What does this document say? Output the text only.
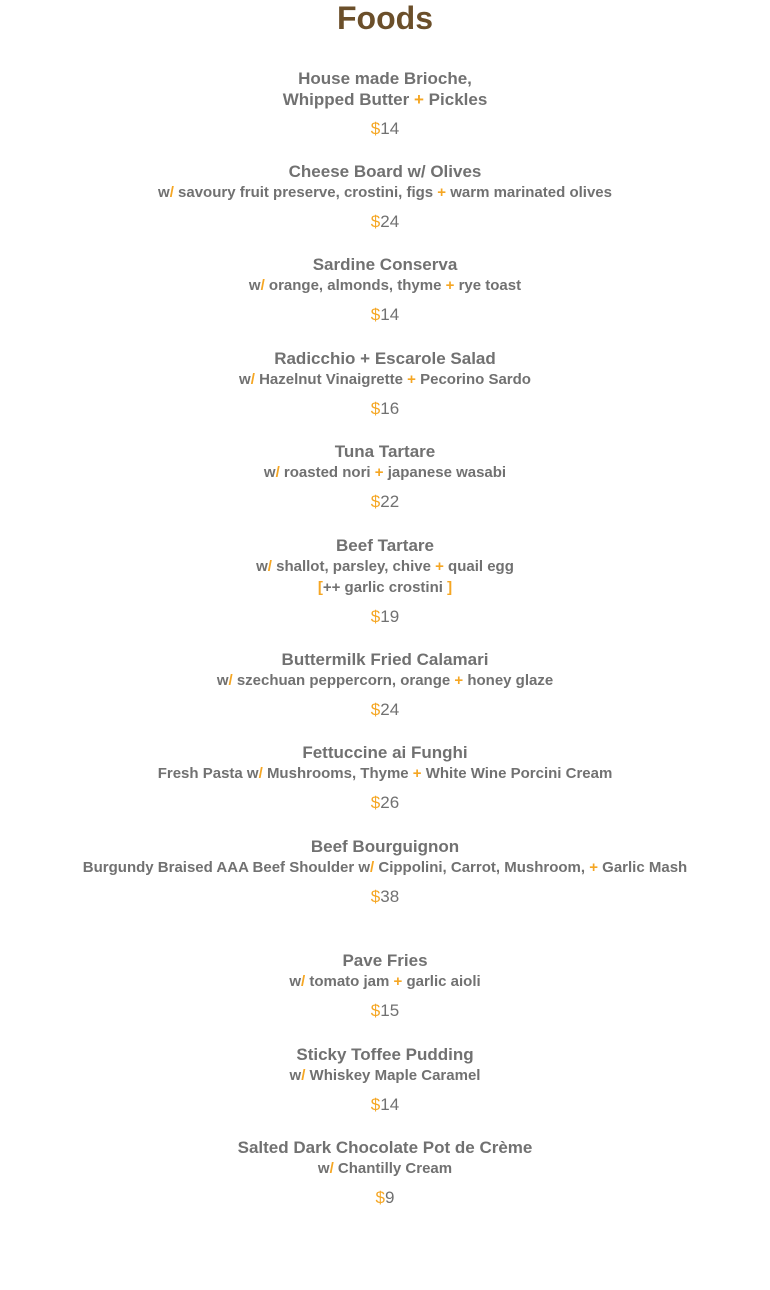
Foods
House made Brioche,
Whipped Butter + Pickles
$14
Cheese Board w/ Olives
w/ savoury fruit preserve, crostini, figs + warm marinated olives
$24
Sardine Conserva
w/ orange, almonds, thyme + rye toast
$14
Radicchio + Escarole Salad
w/ Hazelnut Vinaigrette + Pecorino Sardo
$16
Tuna Tartare
w/ roasted nori + japanese wasabi
$22
Beef Tartare
w/ shallot, parsley, chive + quail egg
[++ garlic crostini ]
$19
Buttermilk Fried Calamari
w/ szechuan peppercorn, orange + honey glaze
$24
Fettuccine ai Funghi
Fresh Pasta w/ Mushrooms, Thyme + White Wine Porcini Cream
$26
Beef Bourguignon
Burgundy Braised AAA Beef Shoulder w/ Cippolini, Carrot, Mushroom, + Garlic Mash
$38
Pave Fries
w/ tomato jam + garlic aioli
$15
Sticky Toffee Pudding
w/ Whiskey Maple Caramel
$14
Salted Dark Chocolate Pot de Crème
w/ Chantilly Cream
$9
